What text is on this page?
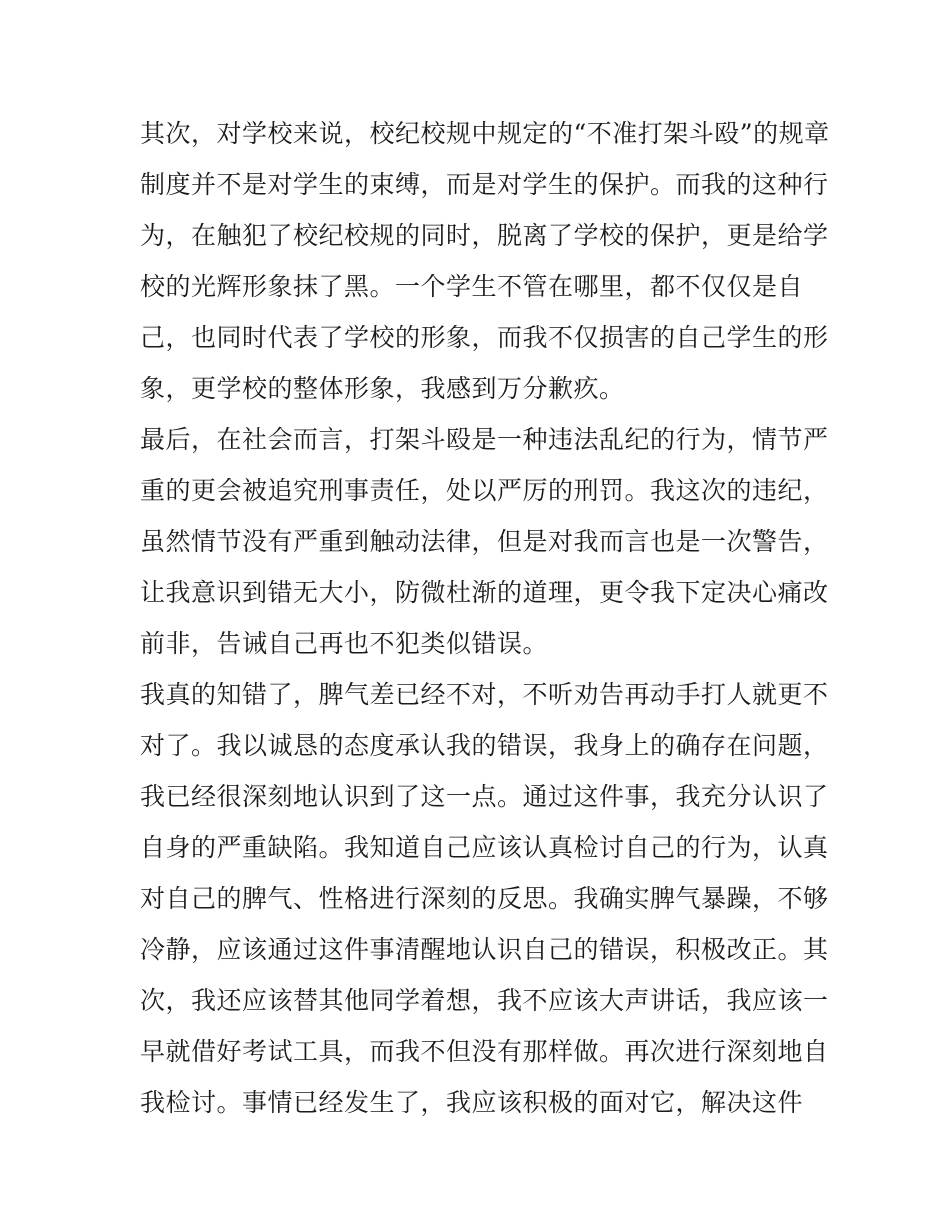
其次，对学校来说，校纪校规中规定的“不准打架斗殴”的规章
制度并不是对学生的束缚，而是对学生的保护。而我的这种行
为，在触犯了校纪校规的同时，脱离了学校的保护，更是给学
校的光辉形象抹了黑。一个学生不管在哪里，都不仅仅是自
己，也同时代表了学校的形象，而我不仅损害的自己学生的形
象，更学校的整体形象，我感到万分歉疚。
最后，在社会而言，打架斗殴是一种违法乱纪的行为，情节严
重的更会被追究刑事责任，处以严厉的刑罚。我这次的违纪，
虽然情节没有严重到触动法律，但是对我而言也是一次警告，
让我意识到错无大小，防微杜渐的道理，更令我下定决心痛改
前非，告诫自己再也不犯类似错误。
我真的知错了，脾气差已经不对，不听劝告再动手打人就更不
对了。我以诚恳的态度承认我的错误，我身上的确存在问题，
我已经很深刻地认识到了这一点。通过这件事，我充分认识了
自身的严重缺陷。我知道自己应该认真检讨自己的行为，认真
对自己的脾气、性格进行深刻的反思。我确实脾气暴躁，不够
冷静，应该通过这件事清醒地认识自己的错误，积极改正。其
次，我还应该替其他同学着想，我不应该大声讲话，我应该一
早就借好考试工具，而我不但没有那样做。再次进行深刻地自
我检讨。事情已经发生了，我应该积极的面对它，解决这件
